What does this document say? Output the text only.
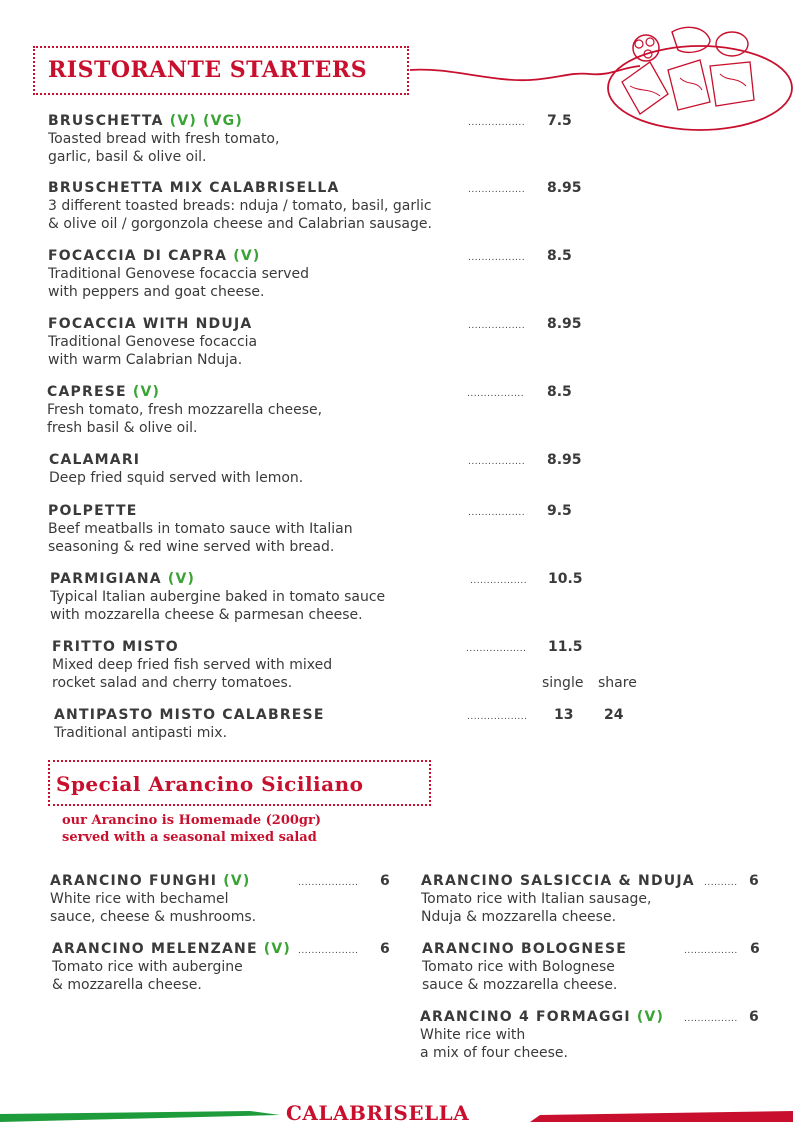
RISTORANTE STARTERS
BRUSCHETTA (V) (VG)
Toasted bread with fresh tomato,
garlic, basil & olive oil.
................. 7.5
BRUSCHETTA MIX CALABRISELLA
3 different toasted breads: nduja / tomato, basil, garlic
& olive oil / gorgonzola cheese and Calabrian sausage.
................. 8.95
FOCACCIA DI CAPRA (V)
Traditional Genovese focaccia served
with peppers and goat cheese.
................. 8.5
FOCACCIA WITH NDUJA
Traditional Genovese focaccia
with warm Calabrian Nduja.
................. 8.95
CAPRESE (V)
Fresh tomato, fresh mozzarella cheese,
fresh basil & olive oil.
................. 8.5
CALAMARI
Deep fried squid served with lemon.
................. 8.95
POLPETTE
Beef meatballs in tomato sauce with Italian
seasoning & red wine served with bread.
................. 9.5
PARMIGIANA (V)
Typical Italian aubergine baked in tomato sauce
with mozzarella cheese & parmesan cheese.
................. 10.5
FRITTO MISTO
Mixed deep fried fish served with mixed
rocket salad and cherry tomatoes.
.................. 11.5
single share
ANTIPASTO MISTO CALABRESE
Traditional antipasti mix.
.................. 13 24
Special Arancino Siciliano
our Arancino is Homemade (200gr)
served with a seasonal mixed salad
ARANCINO FUNGHI (V)
White rice with bechamel
sauce, cheese & mushrooms.
.................. 6
ARANCINO MELENZANE (V)
Tomato rice with aubergine
& mozzarella cheese.
.................. 6
ARANCINO SALSICCIA & NDUJA
Tomato rice with Italian sausage,
Nduja & mozzarella cheese.
.......... 6
ARANCINO BOLOGNESE
Tomato rice with Bolognese
sauce & mozzarella cheese.
................ 6
ARANCINO 4 FORMAGGI (V)
White rice with
a mix of four cheese.
................ 6
CALABRISELLA
